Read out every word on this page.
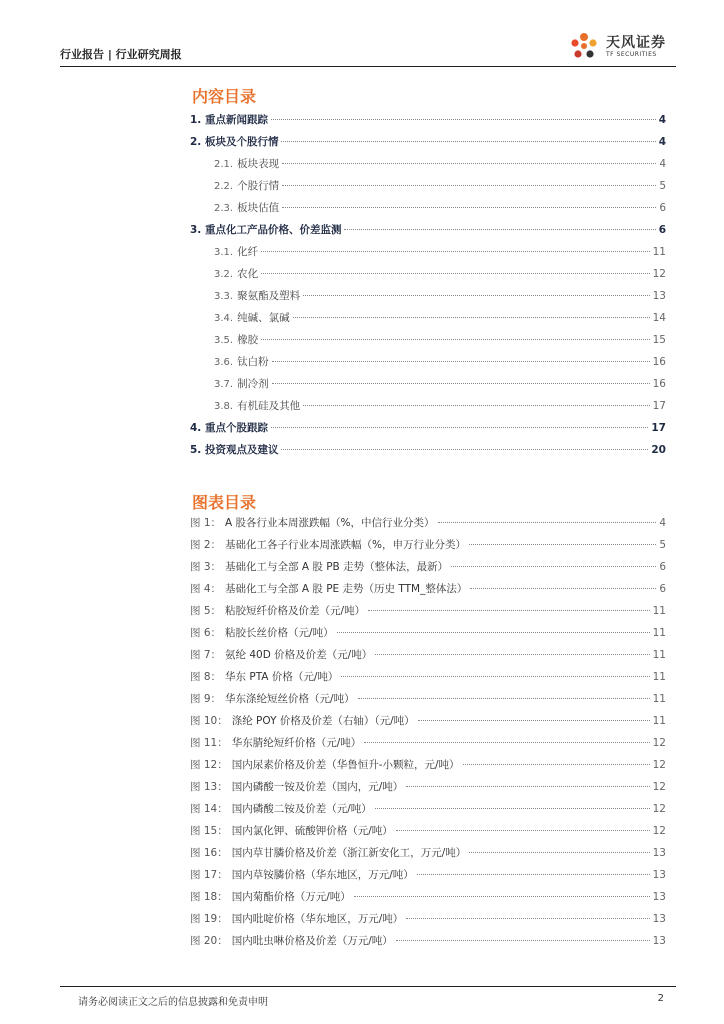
行业报告 | 行业研究周报
天风证券
TF SECURITIES
内容目录
1. 重点新闻跟踪	4
2. 板块及个股行情	4
2.1. 板块表现	4
2.2. 个股行情	5
2.3. 板块估值	6
3. 重点化工产品价格、价差监测	6
3.1. 化纤	11
3.2. 农化	12
3.3. 聚氨酯及塑料	13
3.4. 纯碱、氯碱	14
3.5. 橡胶	15
3.6. 钛白粉	16
3.7. 制冷剂	16
3.8. 有机硅及其他	17
4. 重点个股跟踪	17
5. 投资观点及建议	20
图表目录
图 1： A 股各行业本周涨跌幅（%，中信行业分类）	4
图 2： 基础化工各子行业本周涨跌幅（%，申万行业分类）	5
图 3： 基础化工与全部 A 股 PB 走势（整体法，最新）	6
图 4： 基础化工与全部 A 股 PE 走势（历史 TTM_整体法）	6
图 5： 粘胶短纤价格及价差（元/吨）	11
图 6： 粘胶长丝价格（元/吨）	11
图 7： 氨纶 40D 价格及价差（元/吨）	11
图 8： 华东 PTA 价格（元/吨）	11
图 9： 华东涤纶短丝价格（元/吨）	11
图 10： 涤纶 POY 价格及价差（右轴）（元/吨）	11
图 11： 华东腈纶短纤价格（元/吨）	12
图 12： 国内尿素价格及价差（华鲁恒升-小颗粒，元/吨）	12
图 13： 国内磷酸一铵及价差（国内，元/吨）	12
图 14： 国内磷酸二铵及价差（元/吨）	12
图 15： 国内氯化钾、硫酸钾价格（元/吨）	12
图 16： 国内草甘膦价格及价差（浙江新安化工，万元/吨）	13
图 17： 国内草铵膦价格（华东地区，万元/吨）	13
图 18： 国内菊酯价格（万元/吨）	13
图 19： 国内吡啶价格（华东地区，万元/吨）	13
图 20： 国内吡虫啉价格及价差（万元/吨）	13
请务必阅读正文之后的信息披露和免责申明	2
